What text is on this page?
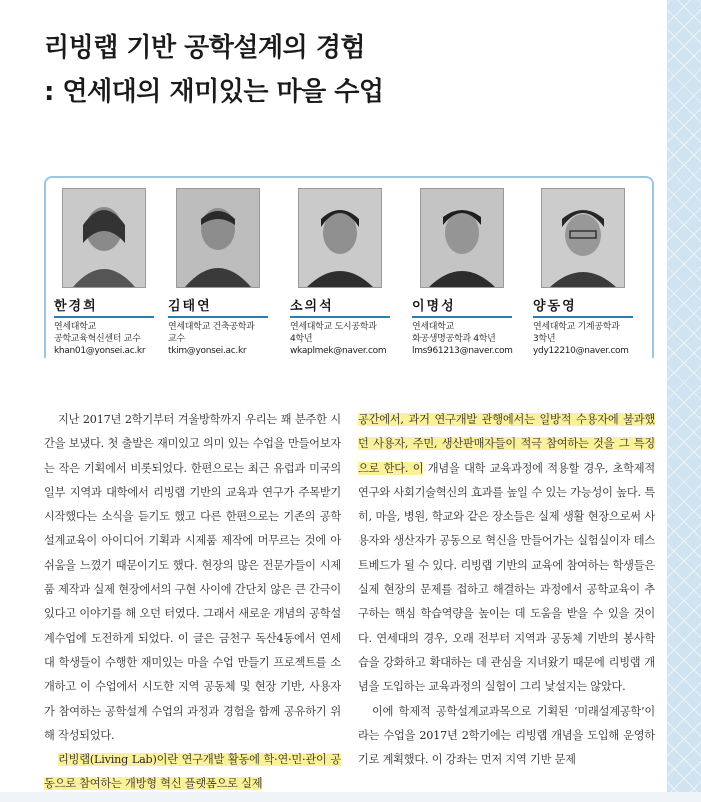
리빙랩 기반 공학설계의 경험
: 연세대의 재미있는 마을 수업
한경희
연세대학교
공학교육혁신센터 교수
khan01@yonsei.ac.kr
김태연
연세대학교 건축공학과
교수
tkim@yonsei.ac.kr
소의석
연세대학교 도시공학과
4학년
wkaplmek@naver.com
이명성
연세대학교
화공생명공학과 4학년
lms961213@naver.com
양동영
연세대학교 기계공학과
3학년
ydy12210@naver.com

지난 2017년 2학기부터 겨울방학까지 우리는 꽤 분주한 시간을 보냈다. 첫 출발은 재미있고 의미 있는 수업을 만들어보자는 작은 기획에서 비롯되었다. 한편으로는 최근 유럽과 미국의 일부 지역과 대학에서 리빙랩 기반의 교육과 연구가 주목받기 시작했다는 소식을 듣기도 했고 다른 한편으로는 기존의 공학설계교육이 아이디어 기획과 시제품 제작에 머무르는 것에 아쉬움을 느꼈기 때문이기도 했다. 현장의 많은 전문가들이 시제품 제작과 실제 현장에서의 구현 사이에 간단치 않은 큰 간극이 있다고 이야기를 해 오던 터였다. 그래서 새로운 개념의 공학설계수업에 도전하게 되었다. 이 글은 금천구 독산4동에서 연세대 학생들이 수행한 재미있는 마을 수업 만들기 프로젝트를 소개하고 이 수업에서 시도한 지역 공동체 및 현장 기반, 사용자가 참여하는 공학설계 수업의 과정과 경험을 함께 공유하기 위해 작성되었다.

리빙랩(Living Lab)이란 연구개발 활동에 학·연·민·관이 공동으로 참여하는 개방형 혁신 플랫폼으로 실제

공간에서, 과거 연구개발 관행에서는 일방적 수용자에 불과했던 사용자, 주민, 생산판매자들이 적극 참여하는 것을 그 특징으로 한다. 이 개념을 대학 교육과정에 적용할 경우, 초학제적 연구와 사회기술혁신의 효과를 높일 수 있는 가능성이 높다. 특히, 마을, 병원, 학교와 같은 장소들은 실제 생활 현장으로써 사용자와 생산자가 공동으로 혁신을 만들어가는 실험실이자 테스트베드가 될 수 있다. 리빙랩 기반의 교육에 참여하는 학생들은 실제 현장의 문제를 접하고 해결하는 과정에서 공학교육이 추구하는 핵심 학습역량을 높이는 데 도움을 받을 수 있을 것이다. 연세대의 경우, 오래 전부터 지역과 공동체 기반의 봉사학습을 강화하고 확대하는 데 관심을 지녀왔기 때문에 리빙랩 개념을 도입하는 교육과정의 실험이 그리 낯설지는 않았다.

이에 학제적 공학설계교과목으로 기획된 ‘미래설계공학’이라는 수업을 2017년 2학기에는 리빙랩 개념을 도입해 운영하기로 계획했다. 이 강좌는 먼저 지역 기반 문제
